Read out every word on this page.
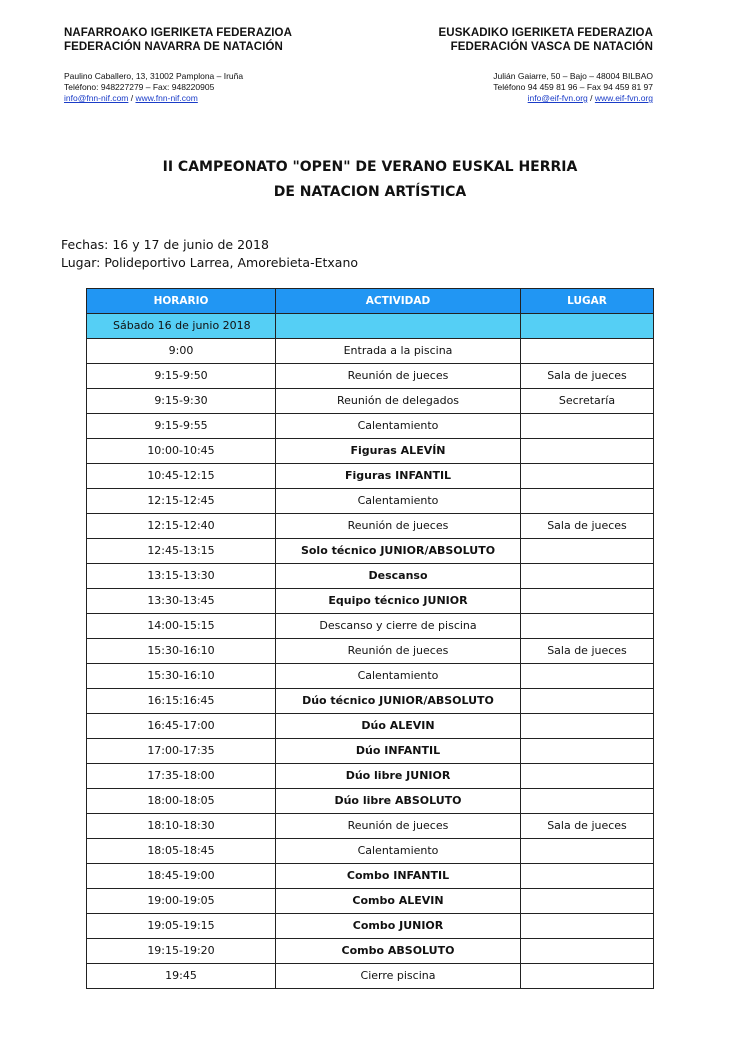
NAFARROAKO IGERIKETA FEDERAZIOA
FEDERACIÓN NAVARRA DE NATACIÓN
Paulino Caballero, 13, 31002 Pamplona – Iruña
Teléfono: 948227279 – Fax: 948220905
info@fnn-nif.com / www.fnn-nif.com
EUSKADIKO IGERIKETA FEDERAZIOA
FEDERACIÓN VASCA DE NATACIÓN
Julián Gaiarre, 50 – Bajo – 48004 BILBAO
Teléfono 94 459 81 96 – Fax 94 459 81 97
info@eif-fvn.org / www.eif-fvn.org
II CAMPEONATO "OPEN" DE VERANO EUSKAL HERRIA
DE NATACION ARTÍSTICA
Fechas: 16 y 17 de junio de 2018
Lugar: Polideportivo Larrea, Amorebieta-Etxano
HORARIO	ACTIVIDAD	LUGAR
Sábado 16 de junio 2018		
9:00	Entrada a la piscina	
9:15-9:50	Reunión de jueces	Sala de jueces
9:15-9:30	Reunión de delegados	Secretaría
9:15-9:55	Calentamiento	
10:00-10:45	Figuras ALEVÍN	
10:45-12:15	Figuras INFANTIL	
12:15-12:45	Calentamiento	
12:15-12:40	Reunión de jueces	Sala de jueces
12:45-13:15	Solo técnico JUNIOR/ABSOLUTO	
13:15-13:30	Descanso	
13:30-13:45	Equipo técnico JUNIOR	
14:00-15:15	Descanso y cierre de piscina	
15:30-16:10	Reunión de jueces	Sala de jueces
15:30-16:10	Calentamiento	
16:15:16:45	Dúo técnico JUNIOR/ABSOLUTO	
16:45-17:00	Dúo ALEVIN	
17:00-17:35	Dúo INFANTIL	
17:35-18:00	Dúo libre JUNIOR	
18:00-18:05	Dúo libre ABSOLUTO	
18:10-18:30	Reunión de jueces	Sala de jueces
18:05-18:45	Calentamiento	
18:45-19:00	Combo INFANTIL	
19:00-19:05	Combo ALEVIN	
19:05-19:15	Combo JUNIOR	
19:15-19:20	Combo ABSOLUTO	
19:45	Cierre piscina	
